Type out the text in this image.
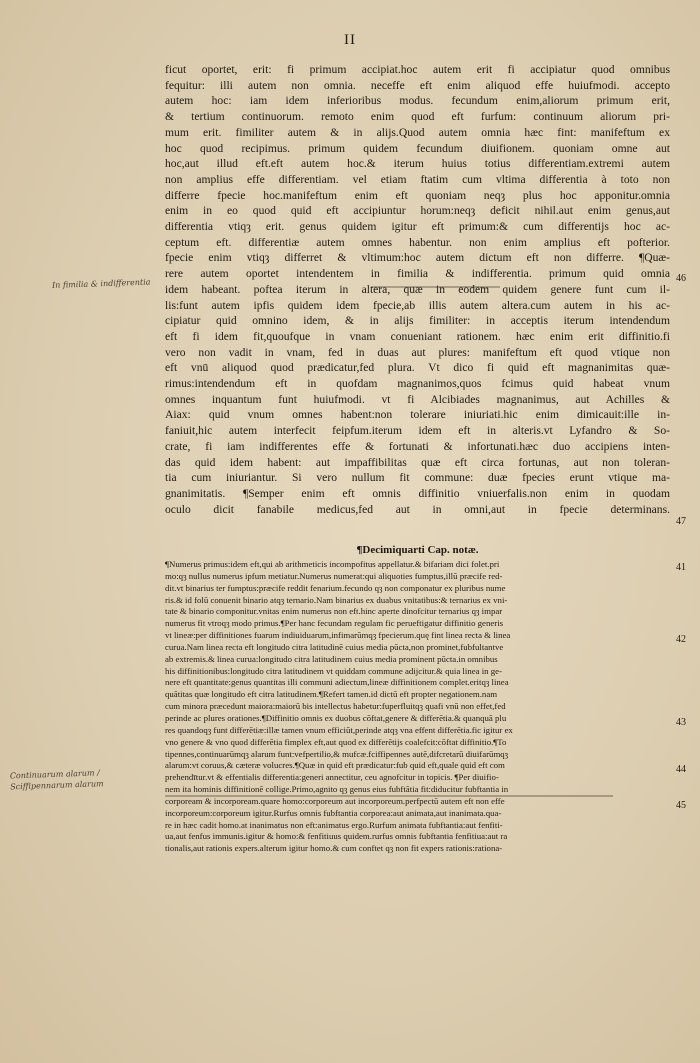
II
ficut oportet, erit: fi primum accipiat.hoc autem erit fi accipiatur quod omnibus
fequitur: illi autem non omnia. neceffe eft enim aliquod effe huiufmodi. accepto
autem hoc: iam idem inferioribus modus. fecundum enim,aliorum primum erit,
& tertium continuorum. remoto enim quod eft furfum: continuum aliorum pri-
mum erit. fimiliter autem & in alijs.Quod autem omnia hæc fint: manifeftum ex
hoc quod recipimus. primum quidem fecundum diuifionem. quoniam omne aut
hoc,aut illud eft.eft autem hoc.& iterum huius totius differentiam.extremi autem
non amplius effe differentiam. vel etiam ftatim cum vltima differentia à toto non
differre fpecie hoc.manifeftum enim eft quoniam neqȝ plus hoc apponitur.omnia
enim in eo quod quid eft accipiuntur horum:neqȝ deficit nihil.aut enim genus,aut
differentia vtiqȝ erit. genus quidem igitur eft primum:& cum differentijs hoc ac-
ceptum eft. differentiæ autem omnes habentur. non enim amplius eft pofterior.
fpecie enim vtiqȝ differret & vltimum:hoc autem dictum eft non differre. ¶Quæ-
rere autem oportet intendentem in fimilia & indifferentia. primum quid omnia
idem habeant. poftea iterum in altera, quæ in eodem quidem genere funt cum il-
lis:funt autem ipfis quidem idem fpecie,ab illis autem altera.cum autem in his ac-
cipiatur quid omnino idem, & in alijs fimiliter: in acceptis iterum intendendum
eft fi idem fit,quoufque in vnam conueniant rationem. hæc enim erit diffinitio.fi
vero non vadit in vnam, fed in duas aut plures: manifeftum eft quod vtique non
eft vnū aliquod quod prædicatur,fed plura. Vt dico fi quid eft magnanimitas quæ-
rimus:intendendum eft in quofdam magnanimos,quos fcimus quid habeat vnum
omnes inquantum funt huiufmodi. vt fi Alcibiades magnanimus, aut Achilles &
Aiax: quid vnum omnes habent:non tolerare iniuriati.hic enim dimicauit:ille in-
faniuit,hic autem interfecit feipfum.iterum idem eft in alteris.vt Lyfandro & So-
crate, fi iam indifferentes effe & fortunati & infortunati.hæc duo accipiens inten-
das quid idem habent: aut impaffibilitas quæ eft circa fortunas, aut non toleran-
tia cum iniuriantur. Si vero nullum fit commune: duæ fpecies erunt vtique ma-
gnanimitatis. ¶Semper enim eft omnis diffinitio vniuerfalis.non enim in quodam
oculo dicit fanabile medicus,fed aut in omni,aut in fpecie determinans.
46
47
¶Decimiquarti Cap. notæ.
¶Numerus primus:idem eft,qui ab arithmeticis incompofitus appellatur.& bifariam dici folet.pri
mo:qȝ nullus numerus ipfum metiatur.Numerus numerat:qui aliquoties fumptus,illū præcife red-
dit.vt binarius ter fumptus:præcife reddit fenarium.fecundo qȝ non componatur ex pluribus nume
ris.& id folū conuenit binario atqȝ ternario.Nam binarius ex duabus vnitatibus:& ternarius ex vni-
tate & binario componitur.vnitas enim numerus non eft.hinc aperte dinofcitur ternarius qȝ impar
numerus fit vtroqȝ modo primus.¶Per hanc fecundam regulam fic perueftigatur diffinitio generis
vt lineæ:per diffinitiones fuarum indiuiduarum,infimarūmqȝ fpecierum.quę fint linea recta & linea
curua.Nam linea recta eft longitudo citra latitudinē cuius media pūcta,non prominet,fubfultantve
ab extremis.& linea curua:longitudo citra latitudinem cuius media prominent pūcta.in omnibus
his diffinitionibus:longitudo citra latitudinem vt quiddam commune adijcitur.& quia linea in ge-
nere eft quantitate:genus quantitas illi communi adiectum,lineæ diffinitionem complet.eritqȝ linea
quātitas quæ longitudo eft citra latitudinem.¶Refert tamen.id dictū eft propter negationem.nam
cum minora præcedunt maiora:maiorū bis intellectus habetur:fuperfluitqȝ quafi vnū non effet,fed
perinde ac plures orationes.¶Diffinitio omnis ex duobus cōftat,genere & differētia.& quanquā plu
res quandoqȝ funt differētiæ:illæ tamen vnum efficiūt,perinde atqȝ vna effent differētia.fic igitur ex
vno genere & vno quod differētia fimplex eft,aut quod ex differētijs coalefcit:cōftat diffinitio.¶To
tipennes,continuarūmqȝ alarum funt:vefpertilio,& mufcæ.fciffipennes autē,difcretarū diuifarūmqȝ
alarum:vt coruus,& cæteræ volucres.¶Quæ in quid eft prædicatur:fub quid eft,quale quid eft com
prehendītur.vt & effentialis differentia:generi annectitur, ceu agnofcitur in topicis. ¶Per diuifio-
nem ita hominis diffinitionē collige.Primo,agnito qȝ genus eius fubftātia fit:diducitur fubftantia in
corpoream & incorpoream.quare homo:corporeum aut incorporeum.perfpectū autem eft non effe
incorporeum:corporeum igitur.Rurfus omnis fubftantia corporea:aut animata,aut inanimata.qua-
re in hæc cadit homo.at inanimatus non eft:animatus ergo.Rurfum animata fubftantia:aut fenfiti-
ua,aut fenfus immunis.igitur & homo:& fenfitiuus quidem.rurfus omnis fubftantia fenfitiua:aut ra
tionalis,aut rationis expers.alterum igitur homo.& cum conftet qȝ non fit expers rationis:rationa-
41
42
43
44
45
In fimilia & indifferentia
Continuarum alarum / Sciffipennarum alarum
